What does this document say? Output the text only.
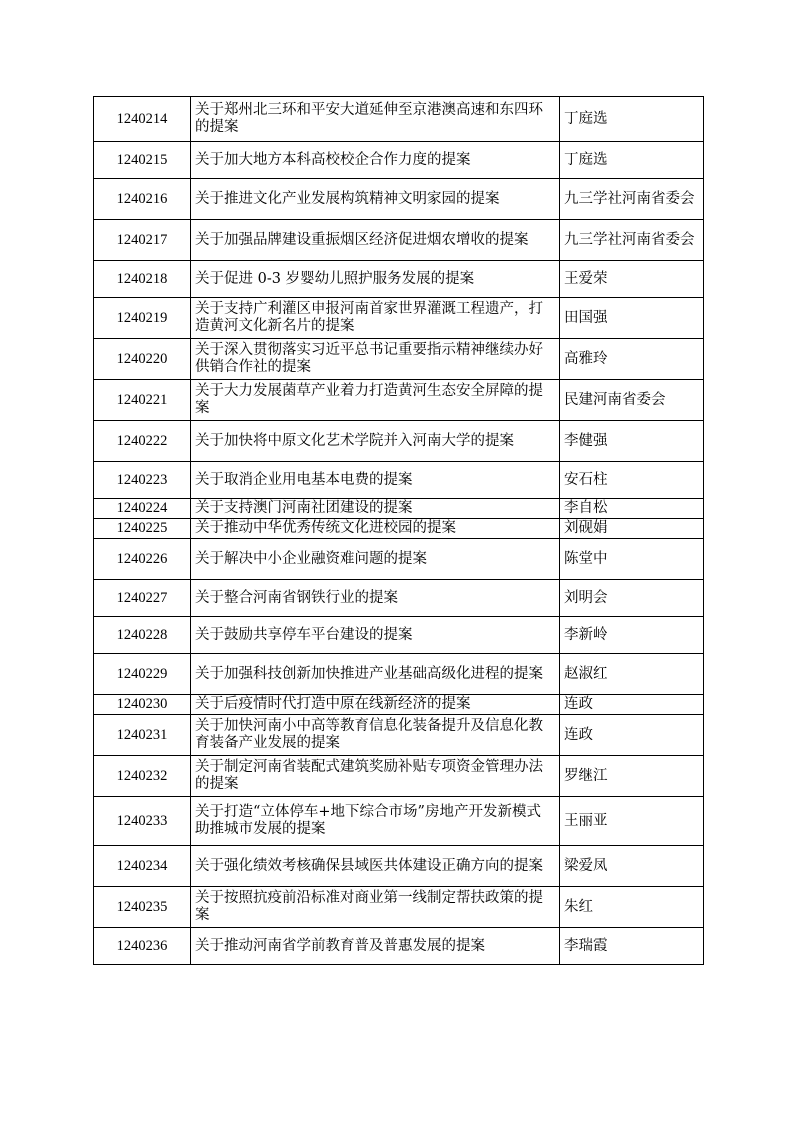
1240214	关于郑州北三环和平安大道延伸至京港澳高速和东四环的提案	丁庭选
1240215	关于加大地方本科高校校企合作力度的提案	丁庭选
1240216	关于推进文化产业发展构筑精神文明家园的提案	九三学社河南省委会
1240217	关于加强品牌建设重振烟区经济促进烟农增收的提案	九三学社河南省委会
1240218	关于促进 0-3 岁婴幼儿照护服务发展的提案	王爱荣
1240219	关于支持广利灌区申报河南首家世界灌溉工程遗产，打造黄河文化新名片的提案	田国强
1240220	关于深入贯彻落实习近平总书记重要指示精神继续办好供销合作社的提案	高雅玲
1240221	关于大力发展菌草产业着力打造黄河生态安全屏障的提案	民建河南省委会
1240222	关于加快将中原文化艺术学院并入河南大学的提案	李健强
1240223	关于取消企业用电基本电费的提案	安石柱
1240224	关于支持澳门河南社团建设的提案	李自松
1240225	关于推动中华优秀传统文化进校园的提案	刘砚娟
1240226	关于解决中小企业融资难问题的提案	陈堂中
1240227	关于整合河南省钢铁行业的提案	刘明会
1240228	关于鼓励共享停车平台建设的提案	李新岭
1240229	关于加强科技创新加快推进产业基础高级化进程的提案	赵淑红
1240230	关于后疫情时代打造中原在线新经济的提案	连政
1240231	关于加快河南小中高等教育信息化装备提升及信息化教育装备产业发展的提案	连政
1240232	关于制定河南省装配式建筑奖励补贴专项资金管理办法的提案	罗继江
1240233	关于打造“立体停车+地下综合市场”房地产开发新模式助推城市发展的提案	王丽亚
1240234	关于强化绩效考核确保县域医共体建设正确方向的提案	梁爱凤
1240235	关于按照抗疫前沿标准对商业第一线制定帮扶政策的提案	朱红
1240236	关于推动河南省学前教育普及普惠发展的提案	李瑞霞
